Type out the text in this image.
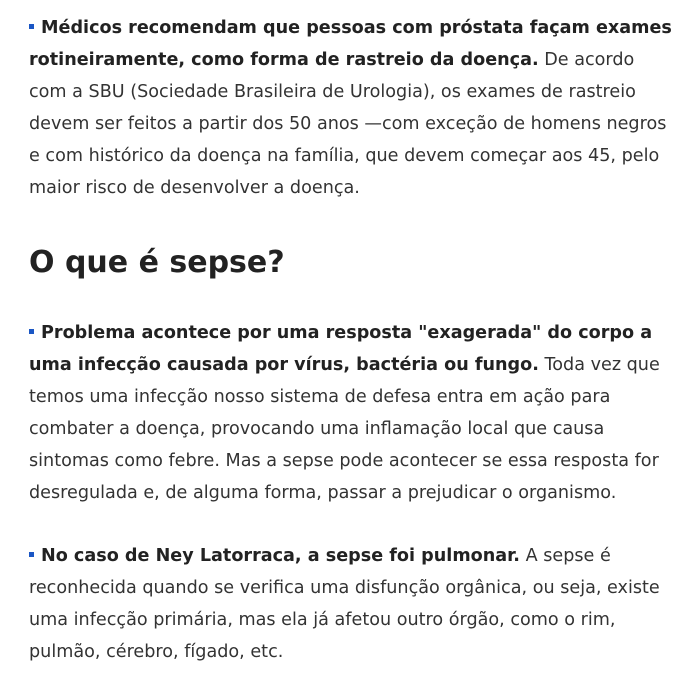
Médicos recomendam que pessoas com próstata façam exames rotineiramente, como forma de rastreio da doença. De acordo com a SBU (Sociedade Brasileira de Urologia), os exames de rastreio devem ser feitos a partir dos 50 anos —com exceção de homens negros e com histórico da doença na família, que devem começar aos 45, pelo maior risco de desenvolver a doença.

O que é sepse?

Problema acontece por uma resposta "exagerada" do corpo a uma infecção causada por vírus, bactéria ou fungo. Toda vez que temos uma infecção nosso sistema de defesa entra em ação para combater a doença, provocando uma inflamação local que causa sintomas como febre. Mas a sepse pode acontecer se essa resposta for desregulada e, de alguma forma, passar a prejudicar o organismo.

No caso de Ney Latorraca, a sepse foi pulmonar. A sepse é reconhecida quando se verifica uma disfunção orgânica, ou seja, existe uma infecção primária, mas ela já afetou outro órgão, como o rim, pulmão, cérebro, fígado, etc.
